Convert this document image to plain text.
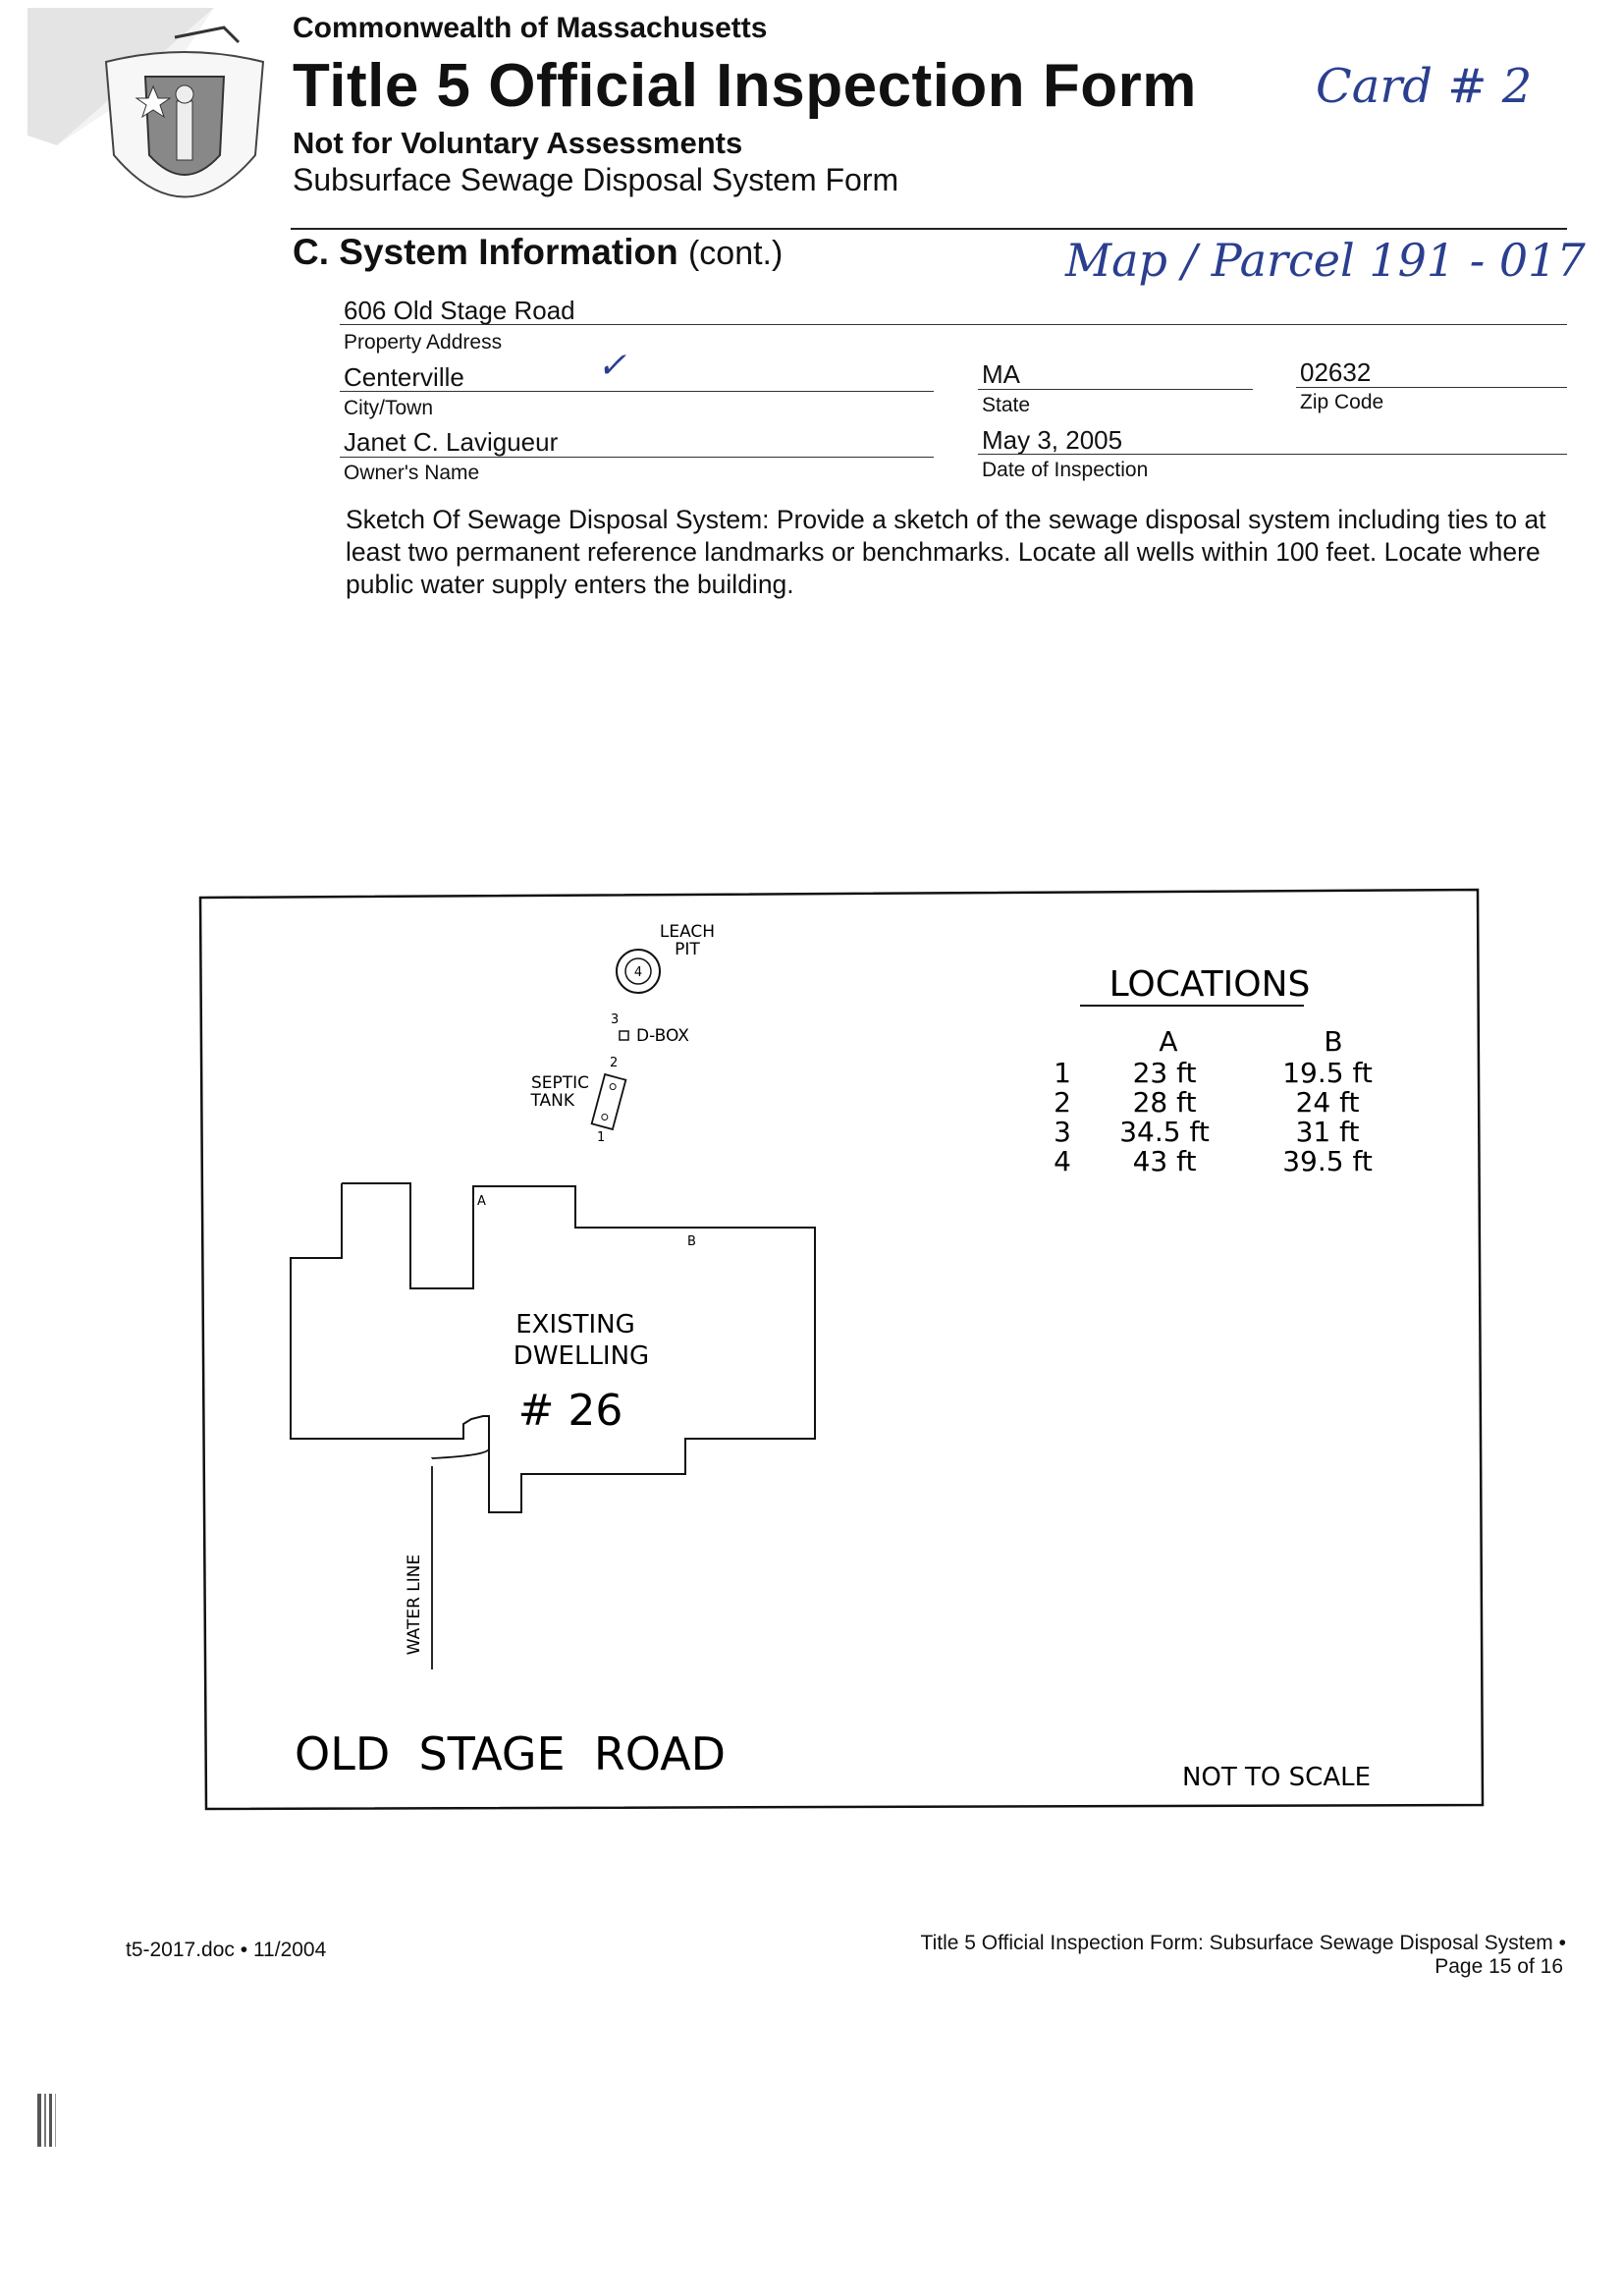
Commonwealth of Massachusetts
Title 5 Official Inspection Form
Not for Voluntary Assessments
Subsurface Sewage Disposal System Form
Card # 2
C. System Information (cont.)	Map / Parcel 191 - 017
606 Old Stage Road
Property Address
Centerville	✓
City/Town
MA
State
02632
Zip Code
Janet C. Lavigueur
Owner's Name
May 3, 2005
Date of Inspection
Sketch Of Sewage Disposal System: Provide a sketch of the sewage disposal system including ties to at least two permanent reference landmarks or benchmarks. Locate all wells within 100 feet. Locate where public water supply enters the building.
4
LEACH
PIT
3
D-BOX
2
SEPTIC
TANK
1
A
B
EXISTING
DWELLING
# 26
WATER LINE
LOCATIONS
A	B
1 23 ft	19.5 ft
2 28 ft	24 ft
3 34.5 ft	31 ft
4 43 ft	39.5 ft
OLD  STAGE  ROAD	NOT TO SCALE
t5-2017.doc • 11/2004	Title 5 Official Inspection Form: Subsurface Sewage Disposal System •
Page 15 of 16
